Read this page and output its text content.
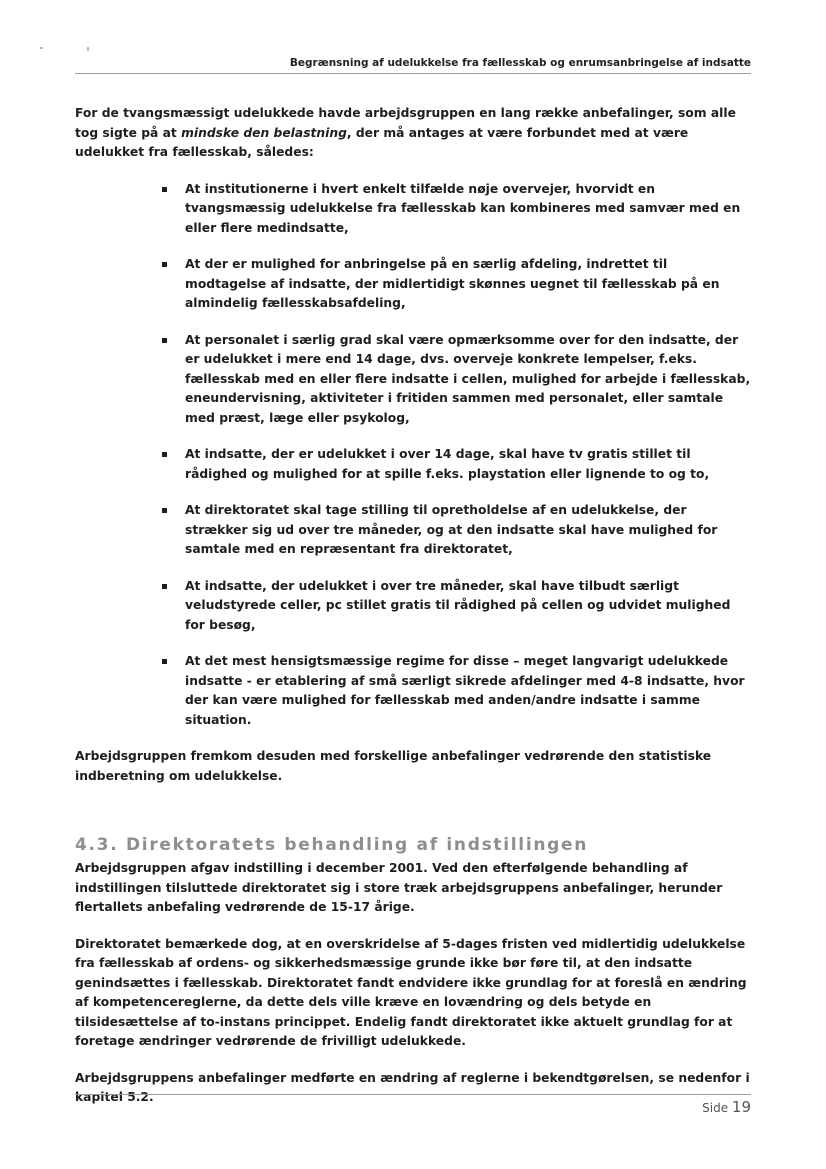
Begrænsning af udelukkelse fra fællesskab og enrumsanbringelse af indsatte

For de tvangsmæssigt udelukkede havde arbejdsgruppen en lang række anbefalinger, som alle tog sigte på at mindske den belastning, der må antages at være forbundet med at være udelukket fra fællesskab, således:

At institutionerne i hvert enkelt tilfælde nøje overvejer, hvorvidt en tvangsmæssig udelukkelse fra fællesskab kan kombineres med samvær med en eller flere medindsatte,
At der er mulighed for anbringelse på en særlig afdeling, indrettet til modtagelse af indsatte, der midlertidigt skønnes uegnet til fællesskab på en almindelig fællesskabsafdeling,
At personalet i særlig grad skal være opmærksomme over for den indsatte, der er udelukket i mere end 14 dage, dvs. overveje konkrete lempelser, f.eks. fællesskab med en eller flere indsatte i cellen, mulighed for arbejde i fællesskab, eneundervisning, aktiviteter i fritiden sammen med personalet, eller samtale med præst, læge eller psykolog,
At indsatte, der er udelukket i over 14 dage, skal have tv gratis stillet til rådighed og mulighed for at spille f.eks. playstation eller lignende to og to,
At direktoratet skal tage stilling til opretholdelse af en udelukkelse, der strækker sig ud over tre måneder, og at den indsatte skal have mulighed for samtale med en repræsentant fra direktoratet,
At indsatte, der udelukket i over tre måneder, skal have tilbudt særligt veludstyrede celler, pc stillet gratis til rådighed på cellen og udvidet mulighed for besøg,
At det mest hensigtsmæssige regime for disse – meget langvarigt udelukkede indsatte - er etablering af små særligt sikrede afdelinger med 4-8 indsatte, hvor der kan være mulighed for fællesskab med anden/andre indsatte i samme situation.

Arbejdsgruppen fremkom desuden med forskellige anbefalinger vedrørende den statistiske indberetning om udelukkelse.

4.3. Direktoratets behandling af indstillingen

Arbejdsgruppen afgav indstilling i december 2001. Ved den efterfølgende behandling af indstillingen tilsluttede direktoratet sig i store træk arbejdsgruppens anbefalinger, herunder flertallets anbefaling vedrørende de 15-17 årige.

Direktoratet bemærkede dog, at en overskridelse af 5-dages fristen ved midlertidig udelukkelse fra fællesskab af ordens- og sikkerhedsmæssige grunde ikke bør føre til, at den indsatte genindsættes i fællesskab. Direktoratet fandt endvidere ikke grundlag for at foreslå en ændring af kompetencereglerne, da dette dels ville kræve en lovændring og dels betyde en tilsidesættelse af to-instans princippet. Endelig fandt direktoratet ikke aktuelt grundlag for at foretage ændringer vedrørende de frivilligt udelukkede.

Arbejdsgruppens anbefalinger medførte en ændring af reglerne i bekendtgørelsen, se nedenfor i kapitel 5.2.

Side 19
